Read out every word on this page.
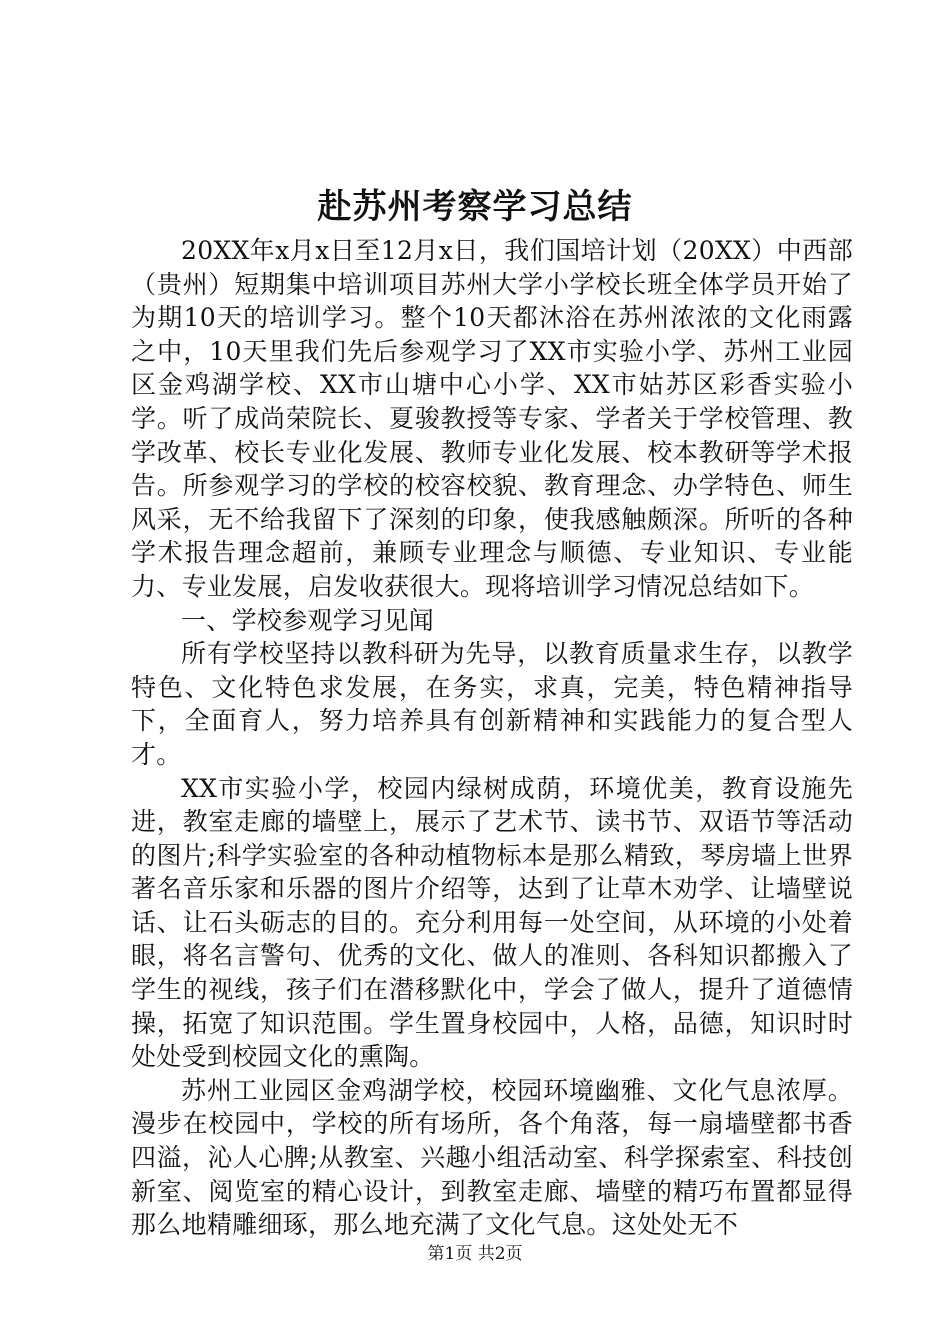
赴苏州考察学习总结

20XX年x月x日至12月x日，我们国培计划（20XX）中西部（贵州）短期集中培训项目苏州大学小学校长班全体学员开始了为期10天的培训学习。整个10天都沐浴在苏州浓浓的文化雨露之中，10天里我们先后参观学习了XX市实验小学、苏州工业园区金鸡湖学校、XX市山塘中心小学、XX市姑苏区彩香实验小学。听了成尚荣院长、夏骏教授等专家、学者关于学校管理、教学改革、校长专业化发展、教师专业化发展、校本教研等学术报告。所参观学习的学校的校容校貌、教育理念、办学特色、师生风采，无不给我留下了深刻的印象，使我感触颇深。所听的各种学术报告理念超前，兼顾专业理念与顺德、专业知识、专业能力、专业发展，启发收获很大。现将培训学习情况总结如下。

一、学校参观学习见闻

所有学校坚持以教科研为先导，以教育质量求生存，以教学特色、文化特色求发展，在务实，求真，完美，特色精神指导下，全面育人，努力培养具有创新精神和实践能力的复合型人才。

XX市实验小学，校园内绿树成荫，环境优美，教育设施先进，教室走廊的墙壁上，展示了艺术节、读书节、双语节等活动的图片;科学实验室的各种动植物标本是那么精致，琴房墙上世界著名音乐家和乐器的图片介绍等，达到了让草木劝学、让墙壁说话、让石头砺志的目的。充分利用每一处空间，从环境的小处着眼，将名言警句、优秀的文化、做人的准则、各科知识都搬入了学生的视线，孩子们在潜移默化中，学会了做人，提升了道德情操，拓宽了知识范围。学生置身校园中，人格，品德，知识时时处处受到校园文化的熏陶。

苏州工业园区金鸡湖学校，校园环境幽雅、文化气息浓厚。漫步在校园中，学校的所有场所，各个角落，每一扇墙壁都书香四溢，沁人心脾;从教室、兴趣小组活动室、科学探索室、科技创新室、阅览室的精心设计，到教室走廊、墙壁的精巧布置都显得那么地精雕细琢，那么地充满了文化气息。这处处无不

第1页 共2页
